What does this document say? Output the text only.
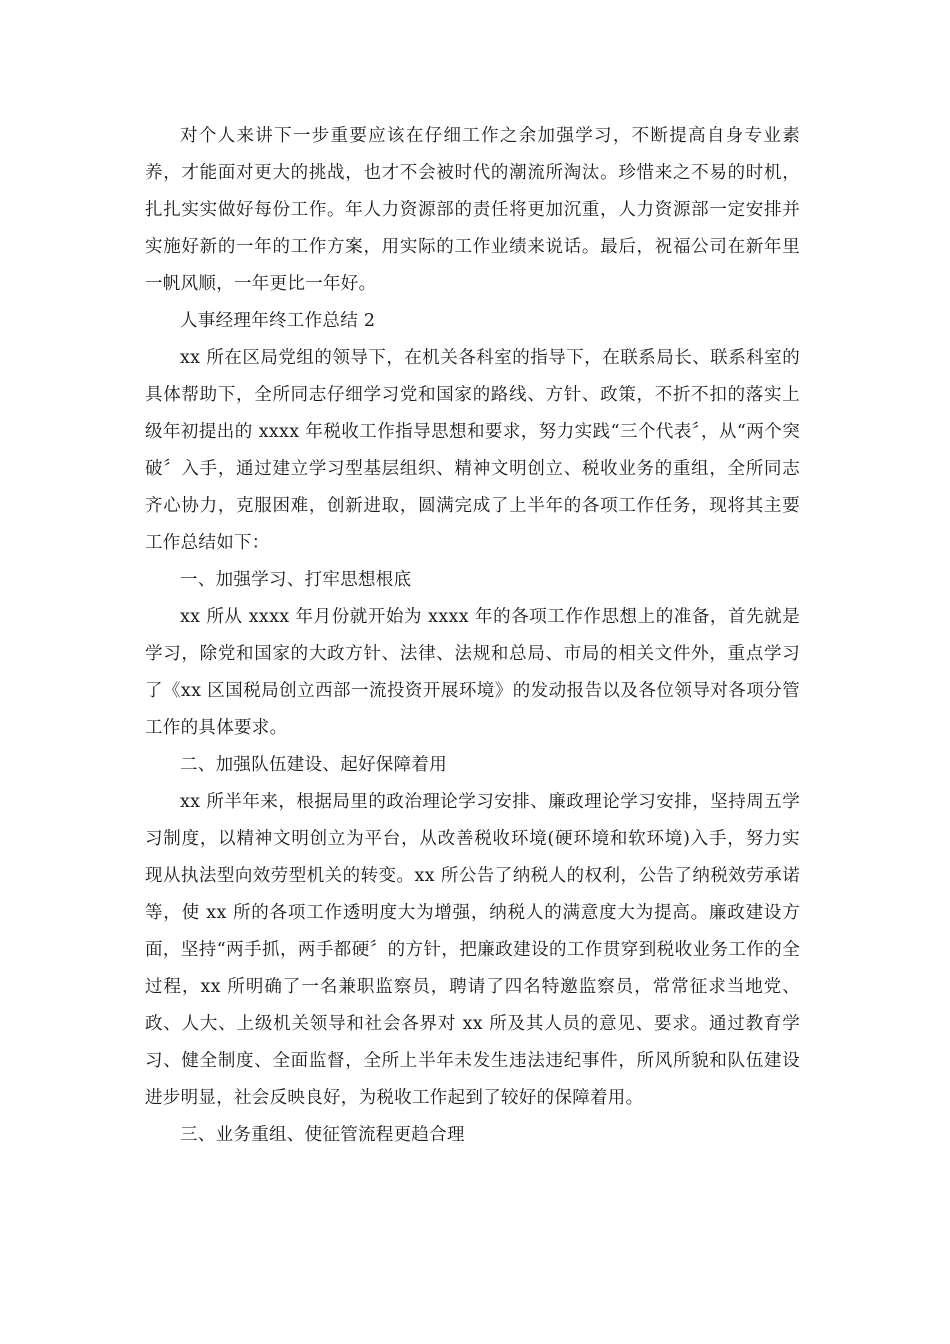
对个人来讲下一步重要应该在仔细工作之余加强学习，不断提高自身专业素养，才能面对更大的挑战，也才不会被时代的潮流所淘汰。珍惜来之不易的时机，扎扎实实做好每份工作。年人力资源部的责任将更加沉重，人力资源部一定安排并实施好新的一年的工作方案，用实际的工作业绩来说话。最后，祝福公司在新年里一帆风顺，一年更比一年好。

人事经理年终工作总结 2

xx 所在区局党组的领导下，在机关各科室的指导下，在联系局长、联系科室的具体帮助下，全所同志仔细学习党和国家的路线、方针、政策，不折不扣的落实上级年初提出的 xxxx 年税收工作指导思想和要求，努力实践“三个代表〞，从“两个突破〞入手，通过建立学习型基层组织、精神文明创立、税收业务的重组，全所同志齐心协力，克服困难，创新进取，圆满完成了上半年的各项工作任务，现将其主要工作总结如下：

一、加强学习、打牢思想根底

xx 所从 xxxx 年月份就开始为 xxxx 年的各项工作作思想上的准备，首先就是学习，除党和国家的大政方针、法律、法规和总局、市局的相关文件外，重点学习了《xx 区国税局创立西部一流投资开展环境》的发动报告以及各位领导对各项分管工作的具体要求。

二、加强队伍建设、起好保障着用

xx 所半年来，根据局里的政治理论学习安排、廉政理论学习安排，坚持周五学习制度，以精神文明创立为平台，从改善税收环境(硬环境和软环境)入手，努力实现从执法型向效劳型机关的转变。xx 所公告了纳税人的权利，公告了纳税效劳承诺等，使 xx 所的各项工作透明度大为增强，纳税人的满意度大为提高。廉政建设方面，坚持“两手抓，两手都硬〞的方针，把廉政建设的工作贯穿到税收业务工作的全过程，xx 所明确了一名兼职监察员，聘请了四名特邀监察员，常常征求当地党、政、人大、上级机关领导和社会各界对 xx 所及其人员的意见、要求。通过教育学习、健全制度、全面监督，全所上半年未发生违法违纪事件，所风所貌和队伍建设进步明显，社会反映良好，为税收工作起到了较好的保障着用。

三、业务重组、使征管流程更趋合理
